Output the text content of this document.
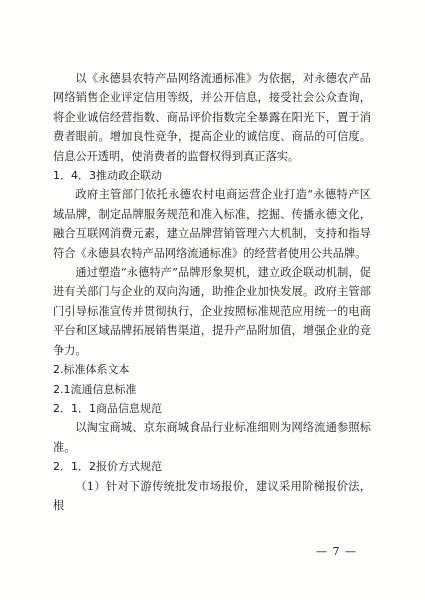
以《永德县农特产品网络流通标准》为依据，对永德农产品网络销售企业评定信用等级，并公开信息，接受社会公众查询，将企业诚信经营指数、商品评价指数完全暴露在阳光下，置于消费者眼前。增加良性竞争，提高企业的诚信度、商品的可信度。信息公开透明，使消费者的监督权得到真正落实。

1．4．3推动政企联动

政府主管部门依托永德农村电商运营企业打造“永德特产区域品牌，制定品牌服务规范和准入标准，挖掘、传播永德文化，融合互联网消费元素，建立品牌营销管理六大机制，支持和指导符合《永德县农特产品网络流通标准》的经营者使用公共品牌。

通过塑造“永德特产”品牌形象契机，建立政企联动机制，促进有关部门与企业的双向沟通，助推企业加快发展。政府主管部门引导标准宣传并贯彻执行，企业按照标准规范应用统一的电商平台和区域品牌拓展销售渠道，提升产品附加值，增强企业的竞争力。

2.标准体系文本

2.1流通信息标准

2．1．1商品信息规范

以淘宝商城、京东商城食品行业标准细则为网络流通参照标准。

2．1．2报价方式规范

（1）针对下游传统批发市场报价，建议采用阶梯报价法，根

— 7 —
